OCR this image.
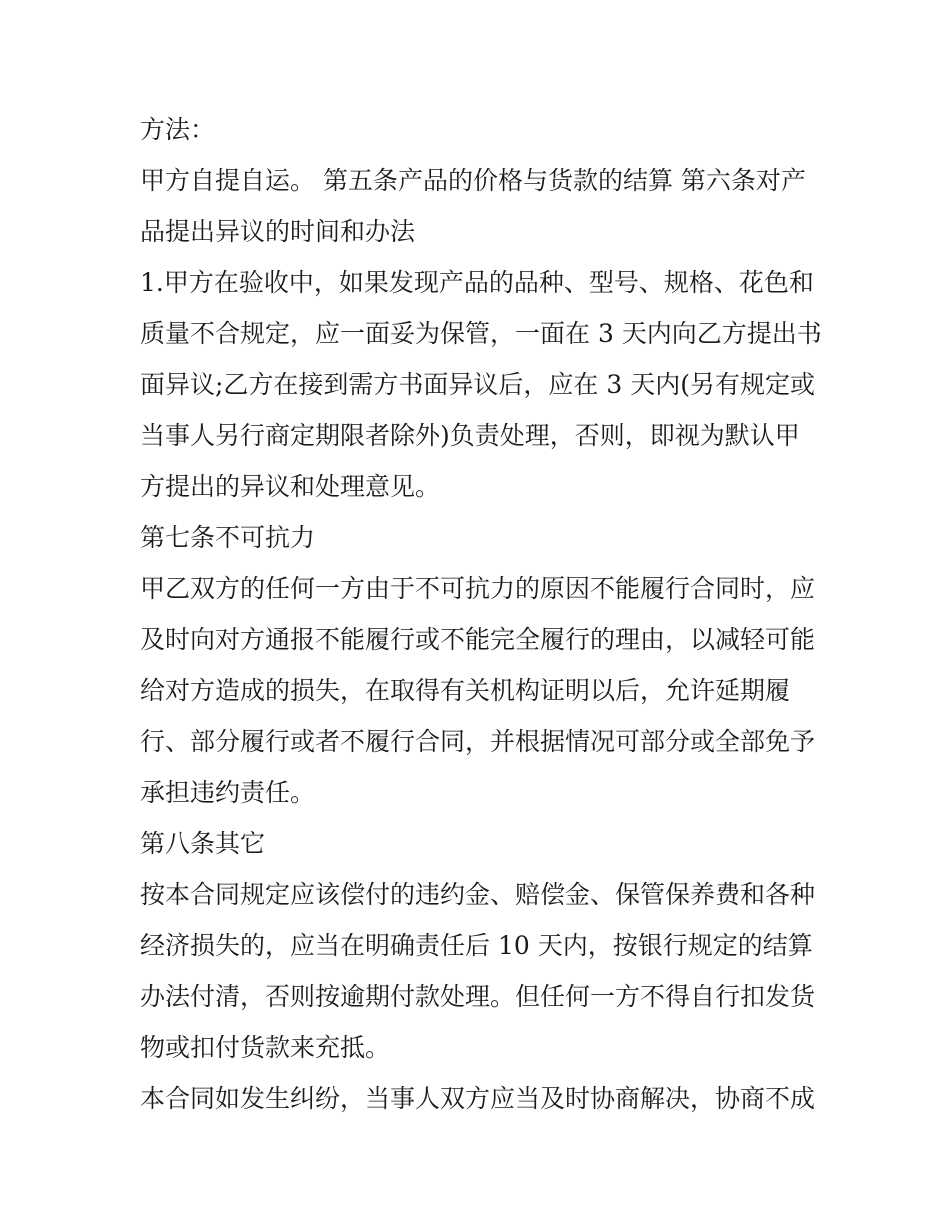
方法：
甲方自提自运。 第五条产品的价格与货款的结算 第六条对产
品提出异议的时间和办法
1.甲方在验收中，如果发现产品的品种、型号、规格、花色和
质量不合规定，应一面妥为保管，一面在 3 天内向乙方提出书
面异议;乙方在接到需方书面异议后，应在 3 天内(另有规定或
当事人另行商定期限者除外)负责处理，否则，即视为默认甲
方提出的异议和处理意见。
第七条不可抗力
甲乙双方的任何一方由于不可抗力的原因不能履行合同时，应
及时向对方通报不能履行或不能完全履行的理由，以减轻可能
给对方造成的损失，在取得有关机构证明以后，允许延期履
行、部分履行或者不履行合同，并根据情况可部分或全部免予
承担违约责任。
第八条其它
按本合同规定应该偿付的违约金、赔偿金、保管保养费和各种
经济损失的，应当在明确责任后 10 天内，按银行规定的结算
办法付清，否则按逾期付款处理。但任何一方不得自行扣发货
物或扣付货款来充抵。
本合同如发生纠纷，当事人双方应当及时协商解决，协商不成
